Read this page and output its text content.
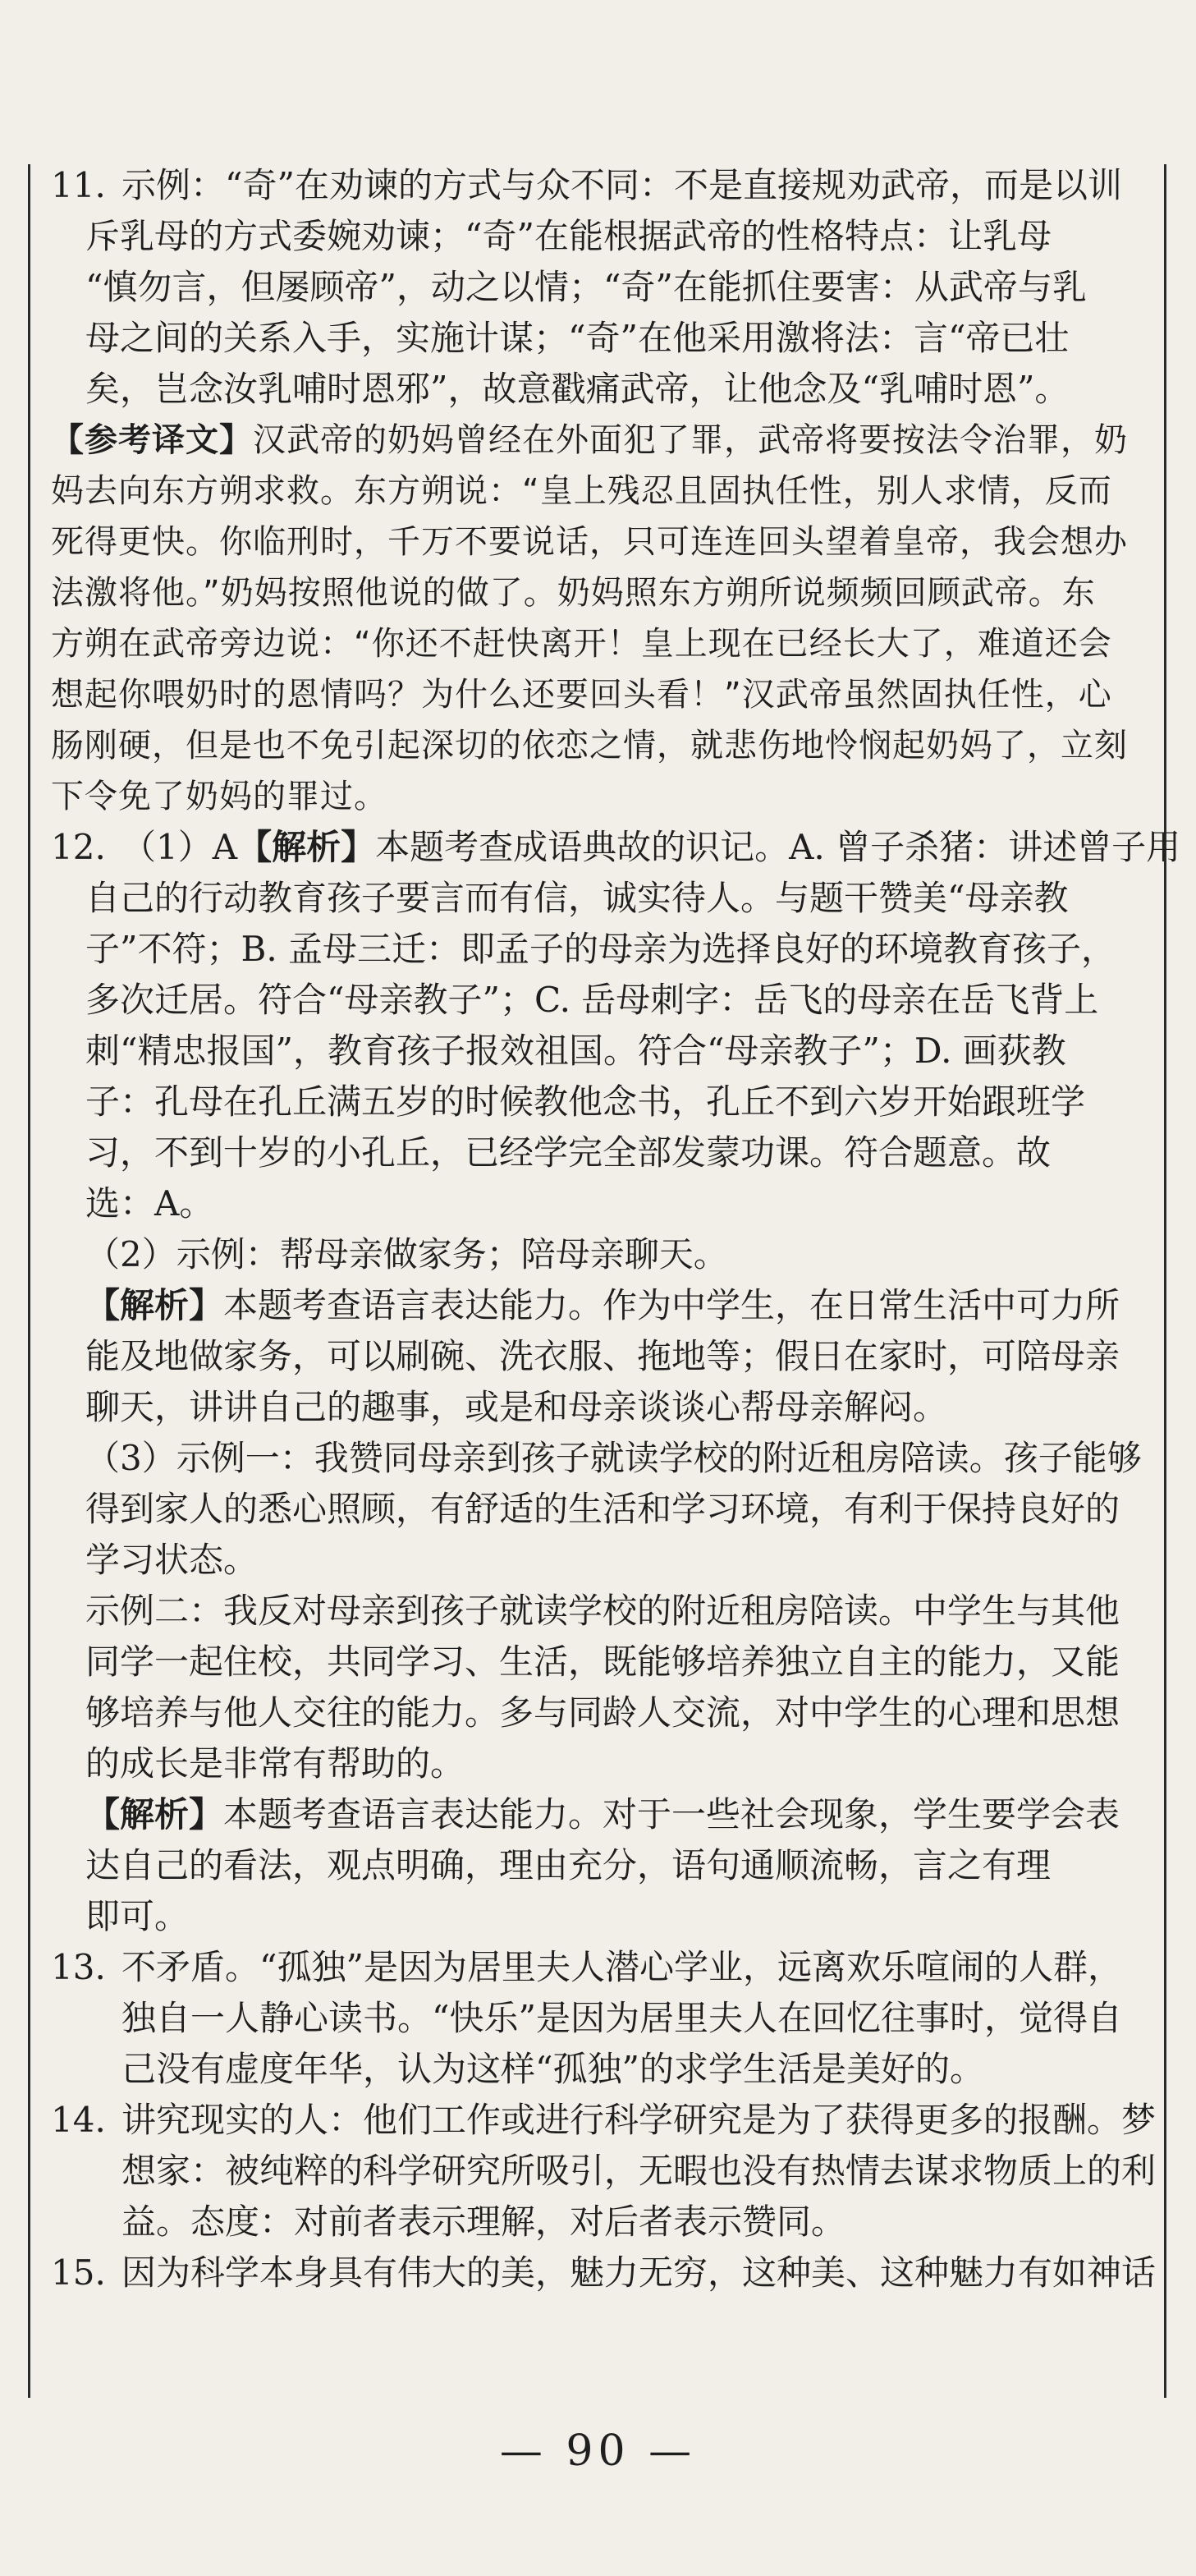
11. 示例：“奇”在劝谏的方式与众不同：不是直接规劝武帝，而是以训
斥乳母的方式委婉劝谏；“奇”在能根据武帝的性格特点：让乳母
“慎勿言，但屡顾帝”，动之以情；“奇”在能抓住要害：从武帝与乳
母之间的关系入手，实施计谋；“奇”在他采用激将法：言“帝已壮
矣，岂念汝乳哺时恩邪”，故意戳痛武帝，让他念及“乳哺时恩”。
【参考译文】汉武帝的奶妈曾经在外面犯了罪，武帝将要按法令治罪，奶
妈去向东方朔求救。东方朔说：“皇上残忍且固执任性，别人求情，反而
死得更快。你临刑时，千万不要说话，只可连连回头望着皇帝，我会想办
法激将他。”奶妈按照他说的做了。奶妈照东方朔所说频频回顾武帝。东
方朔在武帝旁边说：“你还不赶快离开！皇上现在已经长大了，难道还会
想起你喂奶时的恩情吗？为什么还要回头看！”汉武帝虽然固执任性，心
肠刚硬，但是也不免引起深切的依恋之情，就悲伤地怜悯起奶妈了，立刻
下令免了奶妈的罪过。
12. （1）A【解析】本题考查成语典故的识记。A. 曾子杀猪：讲述曾子用
自己的行动教育孩子要言而有信，诚实待人。与题干赞美“母亲教
子”不符；B. 孟母三迁：即孟子的母亲为选择良好的环境教育孩子，
多次迁居。符合“母亲教子”；C. 岳母刺字：岳飞的母亲在岳飞背上
刺“精忠报国”，教育孩子报效祖国。符合“母亲教子”；D. 画荻教
子：孔母在孔丘满五岁的时候教他念书，孔丘不到六岁开始跟班学
习，不到十岁的小孔丘，已经学完全部发蒙功课。符合题意。故
选：A。
（2）示例：帮母亲做家务；陪母亲聊天。
【解析】本题考查语言表达能力。作为中学生，在日常生活中可力所
能及地做家务，可以刷碗、洗衣服、拖地等；假日在家时，可陪母亲
聊天，讲讲自己的趣事，或是和母亲谈谈心帮母亲解闷。
（3）示例一：我赞同母亲到孩子就读学校的附近租房陪读。孩子能够
得到家人的悉心照顾，有舒适的生活和学习环境，有利于保持良好的
学习状态。
示例二：我反对母亲到孩子就读学校的附近租房陪读。中学生与其他
同学一起住校，共同学习、生活，既能够培养独立自主的能力，又能
够培养与他人交往的能力。多与同龄人交流，对中学生的心理和思想
的成长是非常有帮助的。
【解析】本题考查语言表达能力。对于一些社会现象，学生要学会表
达自己的看法，观点明确，理由充分，语句通顺流畅，言之有理
即可。
13. 不矛盾。“孤独”是因为居里夫人潜心学业，远离欢乐喧闹的人群，
独自一人静心读书。“快乐”是因为居里夫人在回忆往事时，觉得自
己没有虚度年华，认为这样“孤独”的求学生活是美好的。
14. 讲究现实的人：他们工作或进行科学研究是为了获得更多的报酬。梦
想家：被纯粹的科学研究所吸引，无暇也没有热情去谋求物质上的利
益。态度：对前者表示理解，对后者表示赞同。
15. 因为科学本身具有伟大的美，魅力无穷，这种美、这种魅力有如神话
— 90 —
